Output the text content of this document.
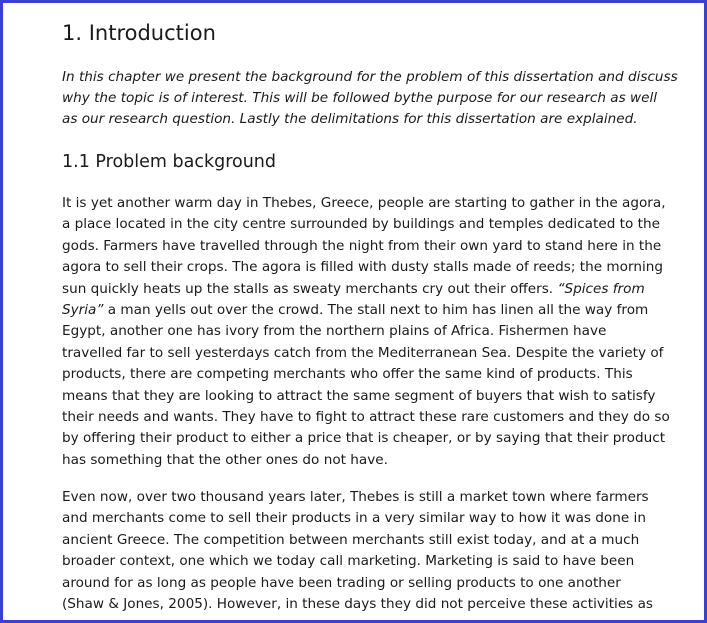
1. Introduction

In this chapter we present the background for the problem of this dissertation and discuss
why the topic is of interest. This will be followed bythe purpose for our research as well
as our research question. Lastly the delimitations for this dissertation are explained.

1.1 Problem background

It is yet another warm day in Thebes, Greece, people are starting to gather in the agora,
a place located in the city centre surrounded by buildings and temples dedicated to the
gods. Farmers have travelled through the night from their own yard to stand here in the
agora to sell their crops. The agora is filled with dusty stalls made of reeds; the morning
sun quickly heats up the stalls as sweaty merchants cry out their offers. “Spices from
Syria” a man yells out over the crowd. The stall next to him has linen all the way from
Egypt, another one has ivory from the northern plains of Africa. Fishermen have
travelled far to sell yesterdays catch from the Mediterranean Sea. Despite the variety of
products, there are competing merchants who offer the same kind of products. This
means that they are looking to attract the same segment of buyers that wish to satisfy
their needs and wants. They have to fight to attract these rare customers and they do so
by offering their product to either a price that is cheaper, or by saying that their product
has something that the other ones do not have.

Even now, over two thousand years later, Thebes is still a market town where farmers
and merchants come to sell their products in a very similar way to how it was done in
ancient Greece. The competition between merchants still exist today, and at a much
broader context, one which we today call marketing. Marketing is said to have been
around for as long as people have been trading or selling products to one another
(Shaw & Jones, 2005). However, in these days they did not perceive these activities as
